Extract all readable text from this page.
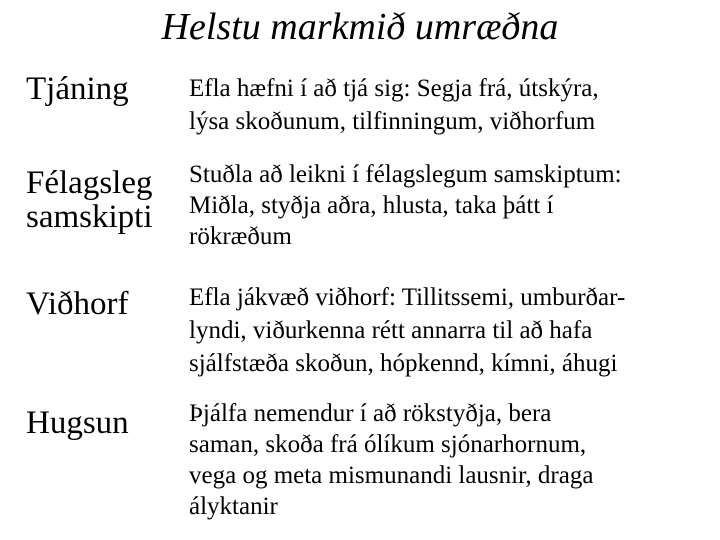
Helstu markmið umræðna
Tjáning Efla hæfni í að tjá sig: Segja frá, útskýra,
lýsa skoðunum, tilfinningum, viðhorfum
Félagsleg
samskipti
Stuðla að leikni í félagslegum samskiptum:
Miðla, styðja aðra, hlusta, taka þátt í
rökræðum
Viðhorf Efla jákvæð viðhorf: Tillitssemi, umburðar-
lyndi, viðurkenna rétt annarra til að hafa
sjálfstæða skoðun, hópkennd, kímni, áhugi
Hugsun Þjálfa nemendur í að rökstyðja, bera
saman, skoða frá ólíkum sjónarhornum,
vega og meta mismunandi lausnir, draga
ályktanir
